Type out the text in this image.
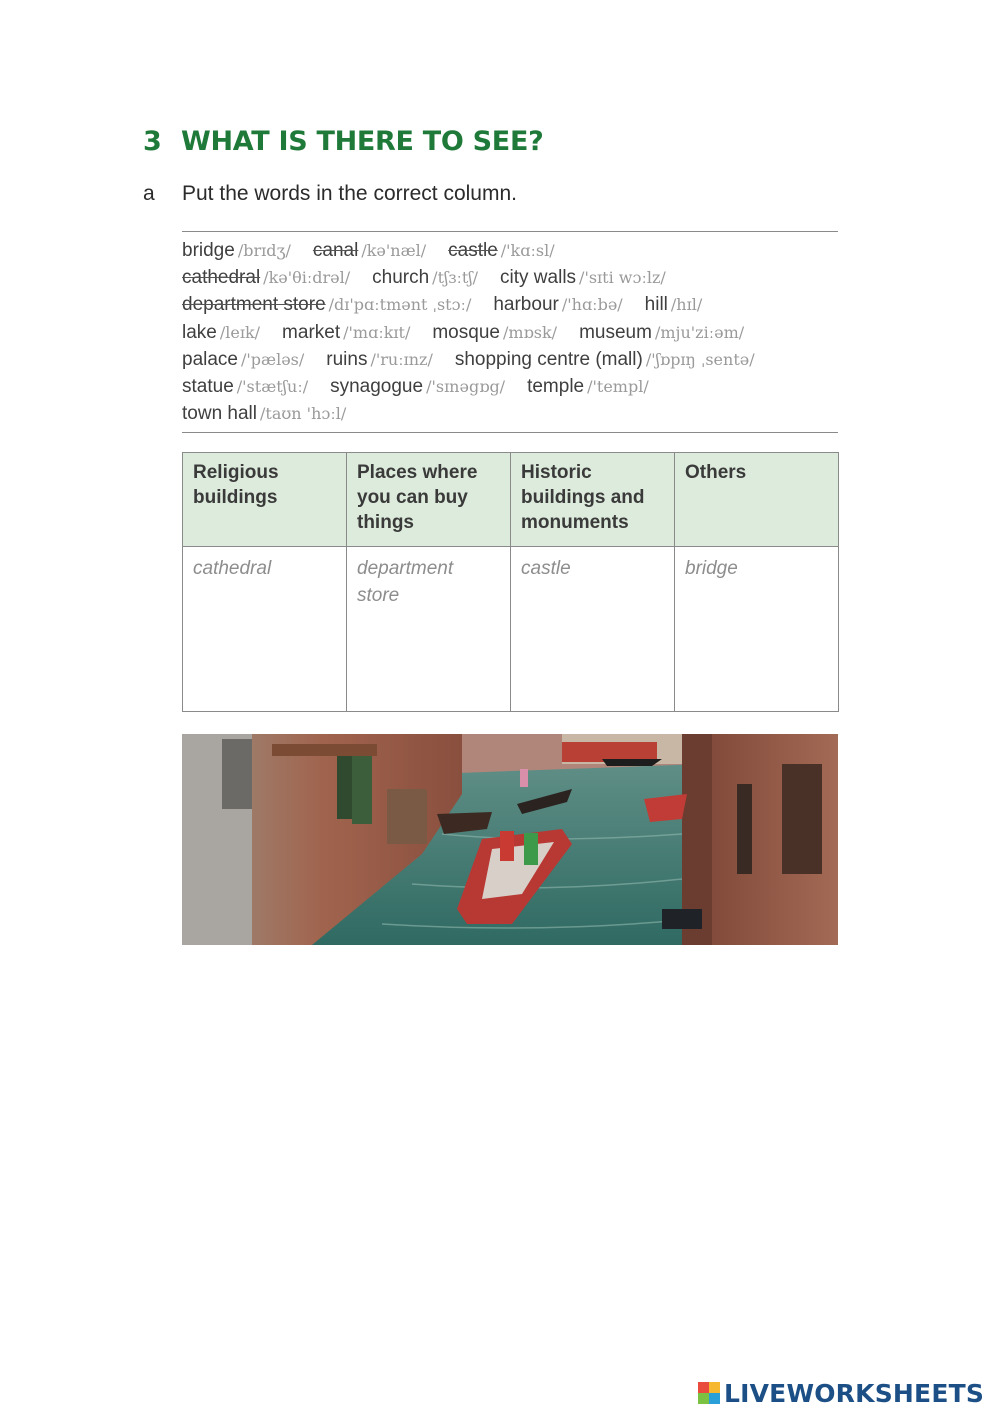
3 WHAT IS THERE TO SEE?
a Put the words in the correct column.
bridge /brɪdʒ/ canal /kə'næl/ castle /'kɑːsl/
cathedral /kə'θiːdrəl/ church /tʃɜːtʃ/ city walls /'sɪti wɔːlz/
department store /dɪ'pɑːtmənt ˌstɔː/ harbour /'hɑːbə/ hill /hɪl/
lake /leɪk/ market /'mɑːkɪt/ mosque /mɒsk/ museum /mju'ziːəm/
palace /'pæləs/ ruins /'ruːɪnz/ shopping centre (mall) /'ʃɒpɪŋ ˌsentə/
statue /'stætʃuː/ synagogue /'sɪnəgɒg/ temple /'templ/
town hall /taʊn 'hɔːl/
Religious buildings	Places where you can buy things	Historic buildings and monuments	Others
cathedral	department store	castle	bridge
LIVEWORKSHEETS
